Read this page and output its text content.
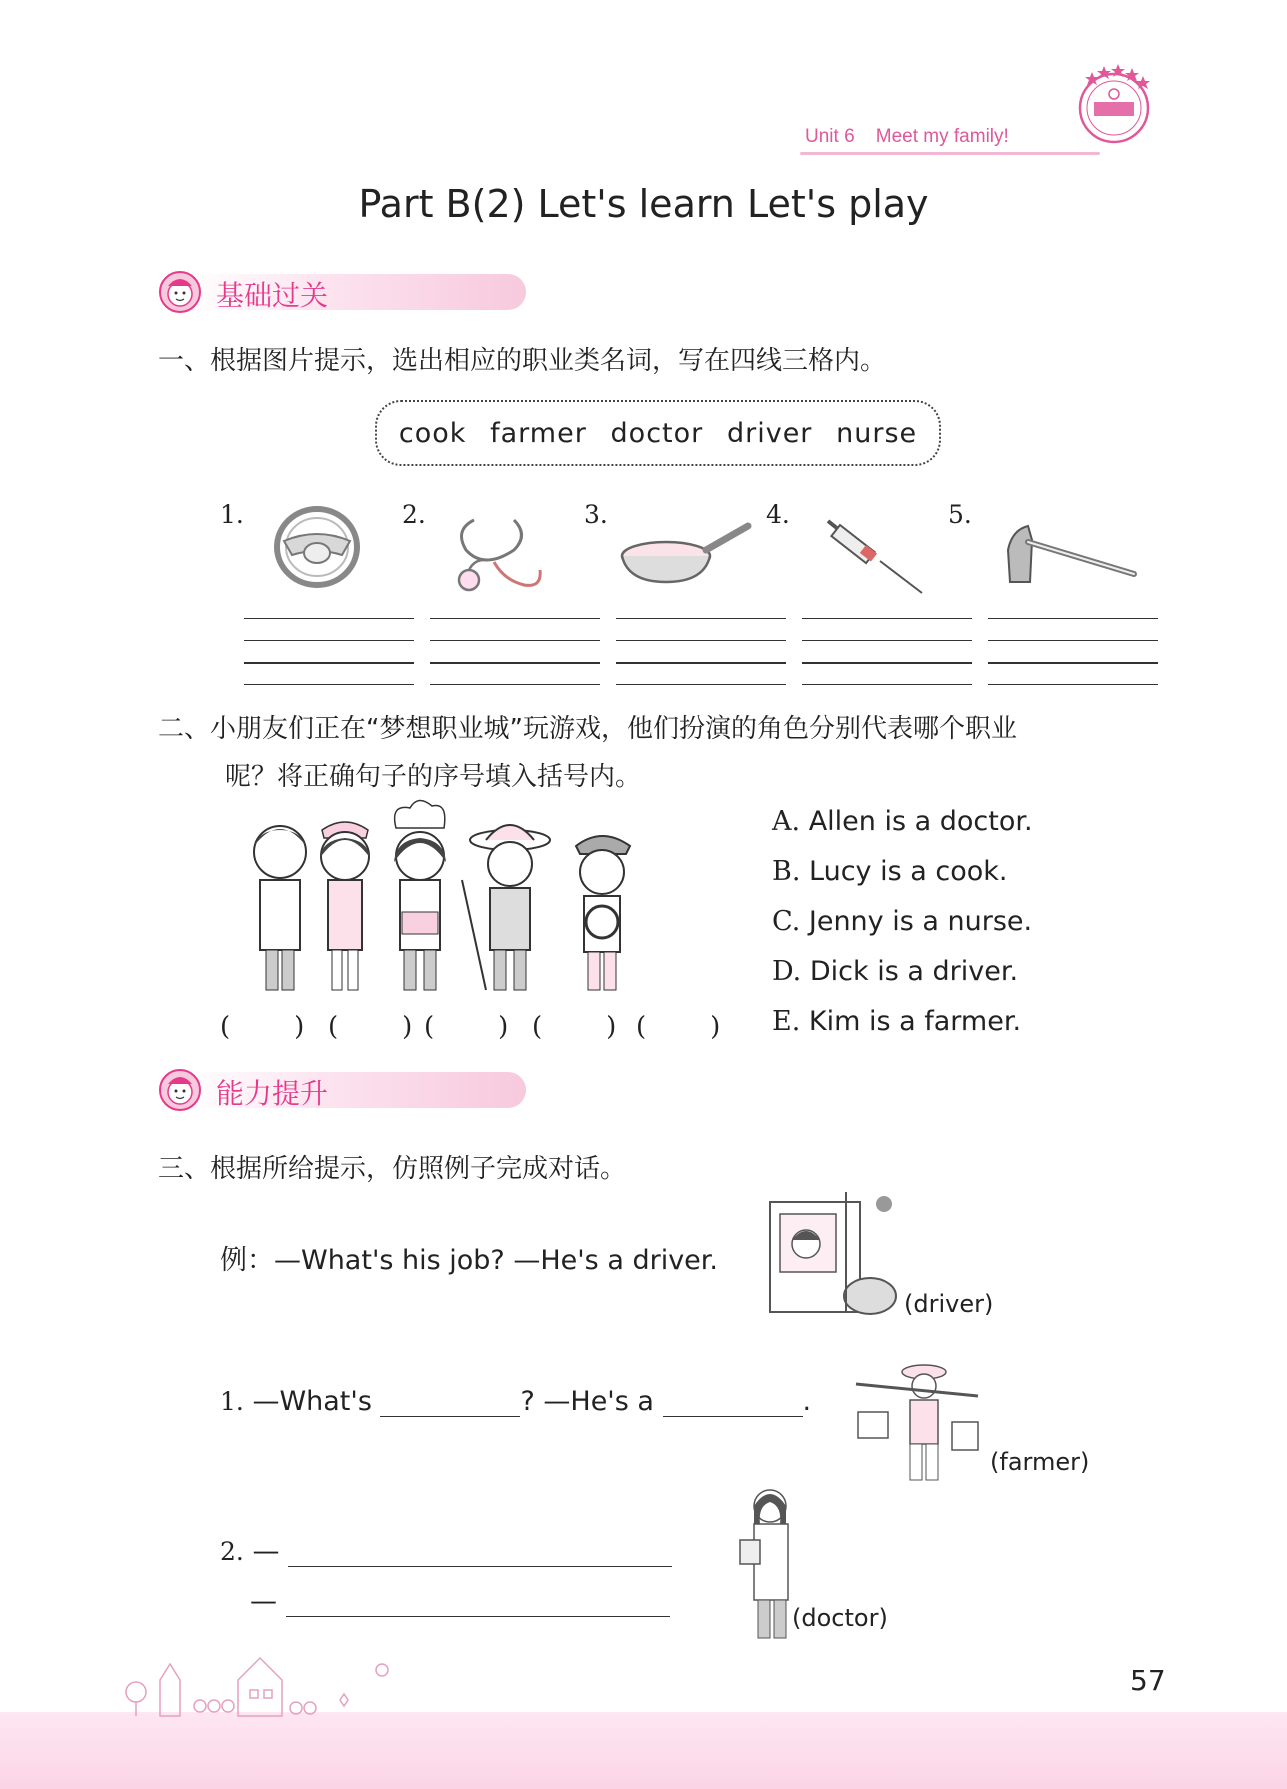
Unit 6 Meet my family!
Part B(2) Let's learn Let's play
基础过关
一、根据图片提示，选出相应的职业类名词，写在四线三格内。
cook farmer doctor driver nurse
1.	2.	3.	4.	5.
二、小朋友们正在“梦想职业城”玩游戏，他们扮演的角色分别代表哪个职业
呢？将正确句子的序号填入括号内。
( ) ( ) ( ) ( ) ( )
A. Allen is a doctor.
B. Lucy is a cook.
C. Jenny is a nurse.
D. Dick is a driver.
E. Kim is a farmer.
能力提升
三、根据所给提示，仿照例子完成对话。
例：—What's his job? —He's a driver.
(driver)
1. —What's	? —He's a	.
(farmer)
2. —
—
(doctor)
57
